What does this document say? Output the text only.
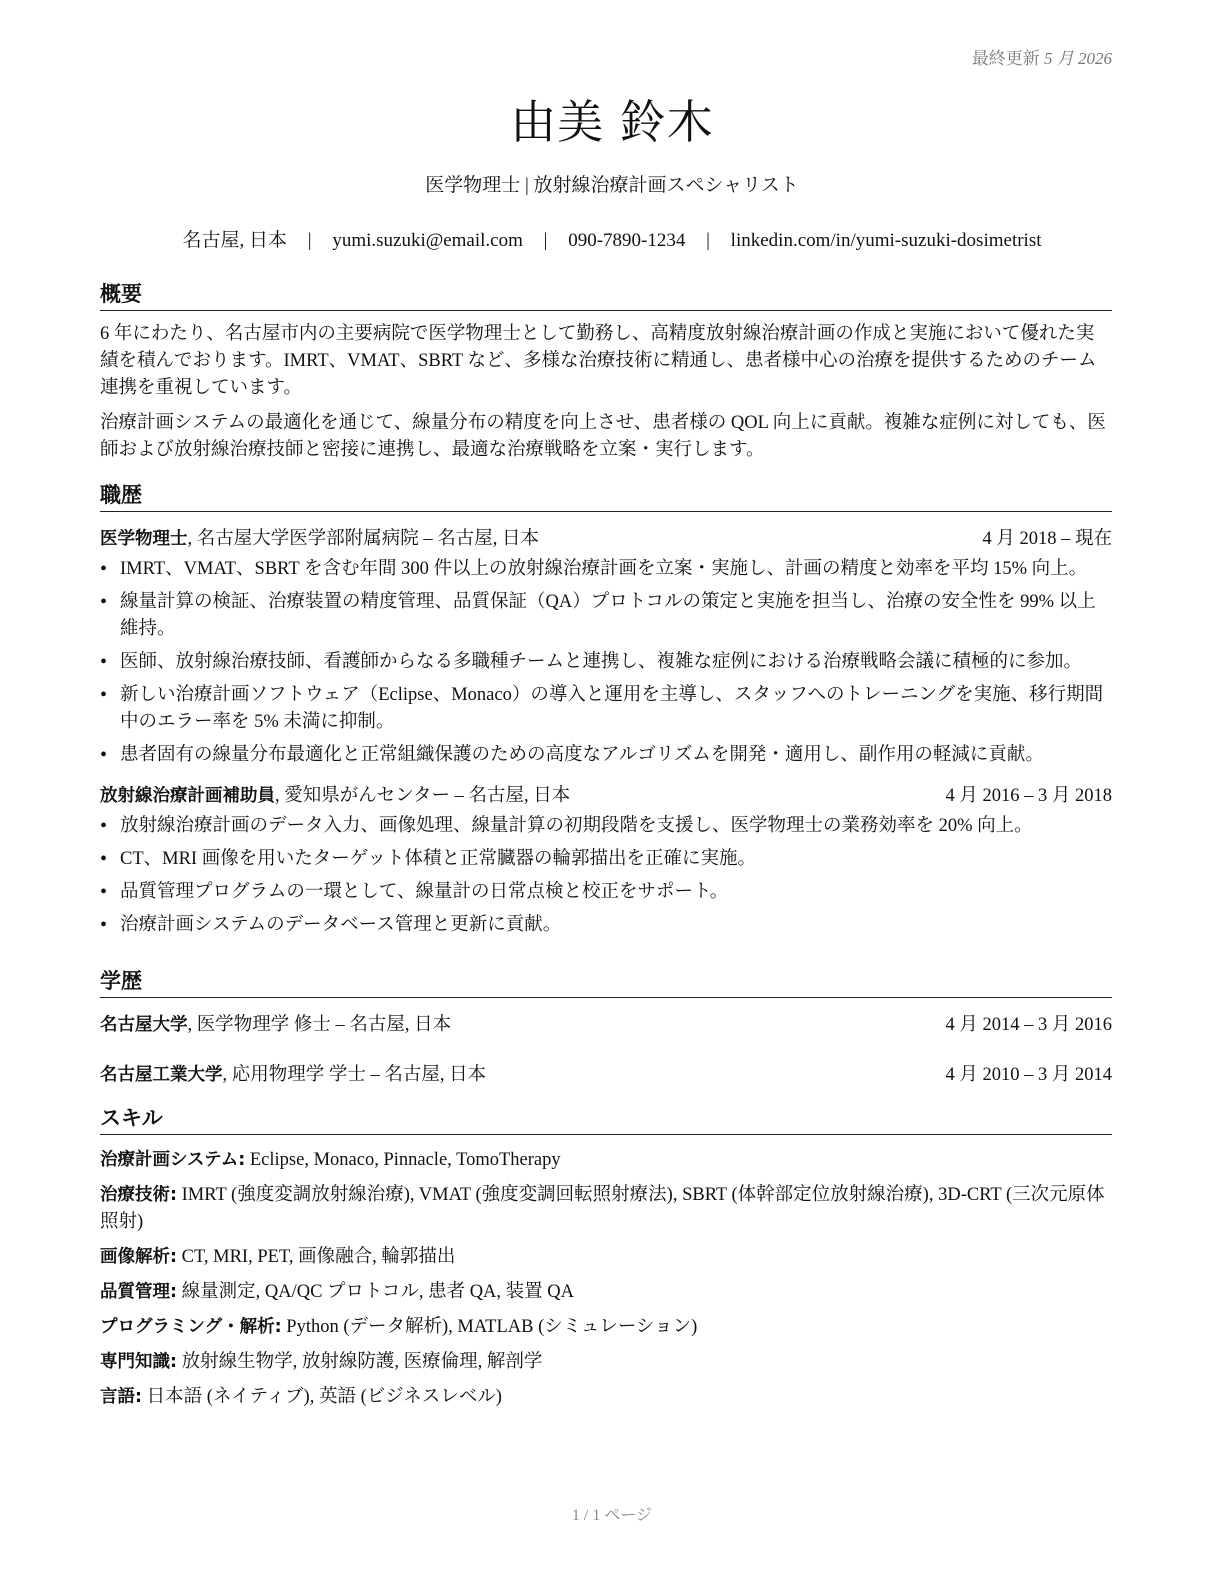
最終更新 5 月 2026
由美 鈴木
医学物理士 | 放射線治療計画スペシャリスト
名古屋, 日本 | yumi.suzuki@email.com | 090-7890-1234 | linkedin.com/in/yumi-suzuki-dosimetrist
概要

6 年にわたり、名古屋市内の主要病院で医学物理士として勤務し、高精度放射線治療計画の作成と実施において優れた実績を積んでおります。IMRT、VMAT、SBRT など、多様な治療技術に精通し、患者様中心の治療を提供するためのチーム連携を重視しています。

治療計画システムの最適化を通じて、線量分布の精度を向上させ、患者様の QOL 向上に貢献。複雑な症例に対しても、医師および放射線治療技師と密接に連携し、最適な治療戦略を立案・実行します。

職歴
医学物理士, 名古屋大学医学部附属病院 – 名古屋, 日本	4 月 2018 – 現在
• IMRT、VMAT、SBRT を含む年間 300 件以上の放射線治療計画を立案・実施し、計画の精度と効率を平均 15% 向上。
• 線量計算の検証、治療装置の精度管理、品質保証（QA）プロトコルの策定と実施を担当し、治療の安全性を 99% 以上維持。
• 医師、放射線治療技師、看護師からなる多職種チームと連携し、複雑な症例における治療戦略会議に積極的に参加。
• 新しい治療計画ソフトウェア（Eclipse、Monaco）の導入と運用を主導し、スタッフへのトレーニングを実施、移行期間中のエラー率を 5% 未満に抑制。
• 患者固有の線量分布最適化と正常組織保護のための高度なアルゴリズムを開発・適用し、副作用の軽減に貢献。
放射線治療計画補助員, 愛知県がんセンター – 名古屋, 日本	4 月 2016 – 3 月 2018
• 放射線治療計画のデータ入力、画像処理、線量計算の初期段階を支援し、医学物理士の業務効率を 20% 向上。
• CT、MRI 画像を用いたターゲット体積と正常臓器の輪郭描出を正確に実施。
• 品質管理プログラムの一環として、線量計の日常点検と校正をサポート。
• 治療計画システムのデータベース管理と更新に貢献。
学歴
名古屋大学, 医学物理学 修士 – 名古屋, 日本	4 月 2014 – 3 月 2016
名古屋工業大学, 応用物理学 学士 – 名古屋, 日本	4 月 2010 – 3 月 2014
スキル
治療計画システム: Eclipse, Monaco, Pinnacle, TomoTherapy
治療技術: IMRT (強度変調放射線治療), VMAT (強度変調回転照射療法), SBRT (体幹部定位放射線治療), 3D-CRT (三次元原体照射)
画像解析: CT, MRI, PET, 画像融合, 輪郭描出
品質管理: 線量測定, QA/QC プロトコル, 患者 QA, 装置 QA
プログラミング・解析: Python (データ解析), MATLAB (シミュレーション)
専門知識: 放射線生物学, 放射線防護, 医療倫理, 解剖学
言語: 日本語 (ネイティブ), 英語 (ビジネスレベル)
1 / 1 ページ
